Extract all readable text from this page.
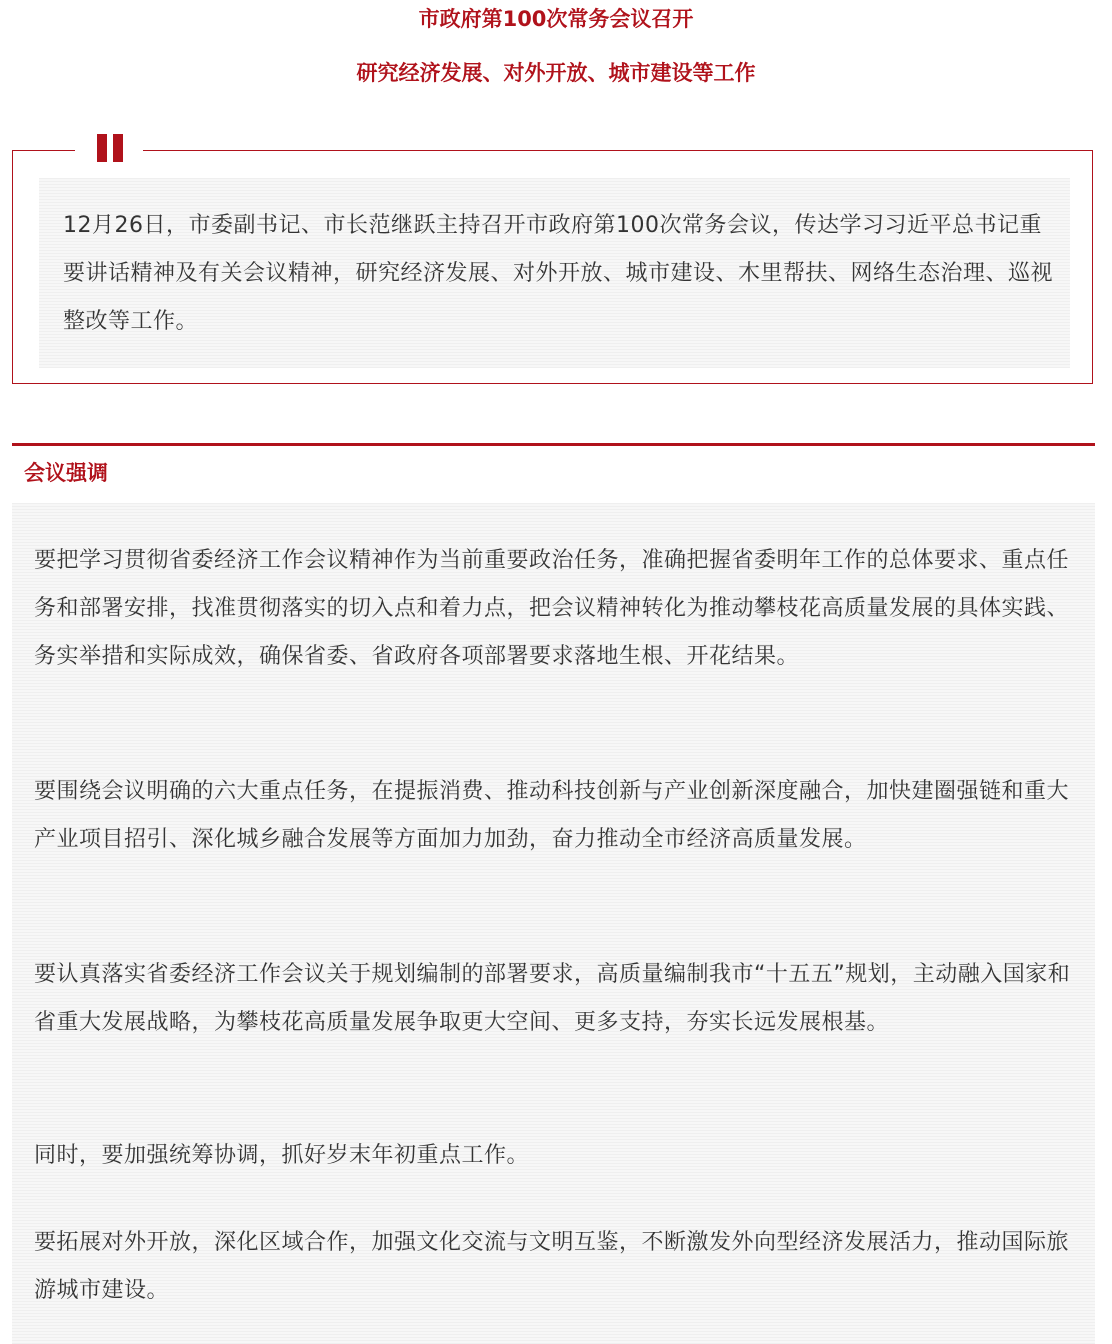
市政府第100次常务会议召开
研究经济发展、对外开放、城市建设等工作
12月26日，市委副书记、市长范继跃主持召开市政府第100次常务会议，传达学习习近平总书记重要讲话精神及有关会议精神，研究经济发展、对外开放、城市建设、木里帮扶、网络生态治理、巡视整改等工作。
会议强调
要把学习贯彻省委经济工作会议精神作为当前重要政治任务，准确把握省委明年工作的总体要求、重点任务和部署安排，找准贯彻落实的切入点和着力点，把会议精神转化为推动攀枝花高质量发展的具体实践、务实举措和实际成效，确保省委、省政府各项部署要求落地生根、开花结果。
要围绕会议明确的六大重点任务，在提振消费、推动科技创新与产业创新深度融合，加快建圈强链和重大产业项目招引、深化城乡融合发展等方面加力加劲，奋力推动全市经济高质量发展。
要认真落实省委经济工作会议关于规划编制的部署要求，高质量编制我市“十五五”规划，主动融入国家和省重大发展战略，为攀枝花高质量发展争取更大空间、更多支持，夯实长远发展根基。
同时，要加强统筹协调，抓好岁末年初重点工作。
要拓展对外开放，深化区域合作，加强文化交流与文明互鉴，不断激发外向型经济发展活力，推动国际旅游城市建设。
